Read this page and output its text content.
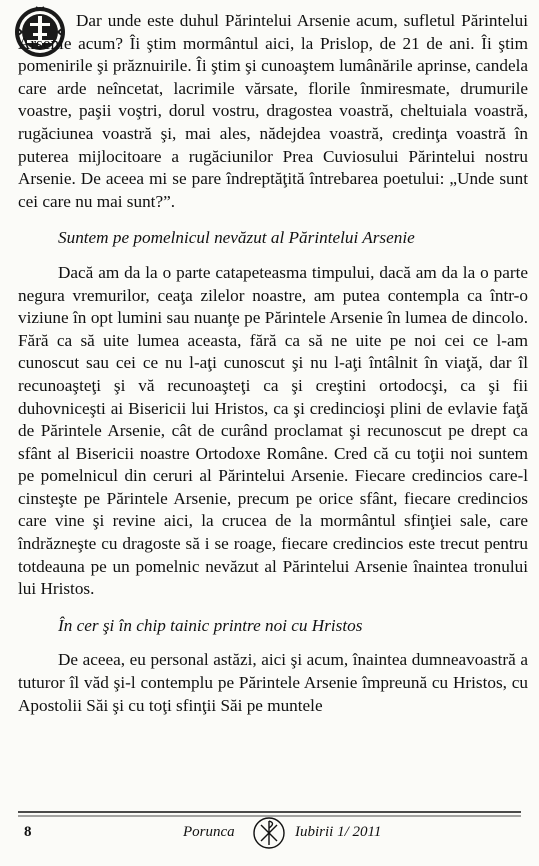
Dar unde este duhul Părintelui Arsenie acum, sufletul Părintelui Arsenie acum? Îi ştim mormântul aici, la Prislop, de 21 de ani. Îi ştim pomenirile şi prăznuirile. Îi ştim şi cunoaştem lumânările aprinse, candela care arde neîncetat, lacrimile vărsate, florile înmiresmate, drumurile voastre, paşii voştri, dorul vostru, dragostea voastră, cheltuiala voastră, rugăciunea voastră şi, mai ales, nădejdea voastră, credinţa voastră în puterea mijlocitoare a rugăciunilor Prea Cuviosului Părintelui nostru Arsenie. De aceea mi se pare îndreptăţită întrebarea poetului: „Unde sunt cei care nu mai sunt?”.

Suntem pe pomelnicul nevăzut al Părintelui Arsenie

Dacă am da la o parte catapeteasma timpului, dacă am da la o parte negura vremurilor, ceaţa zilelor noastre, am putea contempla ca într-o viziune în opt lumini sau nuanţe pe Părintele Arsenie în lumea de dincolo. Fără ca să uite lumea aceasta, fără ca să ne uite pe noi cei ce l-am cunoscut sau cei ce nu l-aţi cunoscut şi nu l-aţi întâlnit în viaţă, dar îl recunoaşteţi şi vă recunoaşteţi ca şi creştini ortodocşi, ca şi fii duhovniceşti ai Bisericii lui Hristos, ca şi credincioşi plini de evlavie faţă de Părintele Arsenie, cât de curând proclamat şi recunoscut pe drept ca sfânt al Bisericii noastre Ortodoxe Române. Cred că cu toţii noi suntem pe pomelnicul din ceruri al Părintelui Arsenie. Fiecare credincios care-l cinsteşte pe Părintele Arsenie, precum pe orice sfânt, fiecare credincios care vine şi revine aici, la crucea de la mormântul sfinţiei sale, care îndrăzneşte cu dragoste să i se roage, fiecare credincios este trecut pentru totdeauna pe un pomelnic nevăzut al Părintelui Arsenie înaintea tronului lui Hristos.

În cer şi în chip tainic printre noi cu Hristos

De aceea, eu personal astăzi, aici şi acum, înaintea dumneavoastră a tuturor îl văd şi-l contemplu pe Părintele Arsenie împreună cu Hristos, cu Apostolii Săi şi cu toţi sfinţii Săi pe muntele

8	Porunca	Iubirii 1/ 2011
